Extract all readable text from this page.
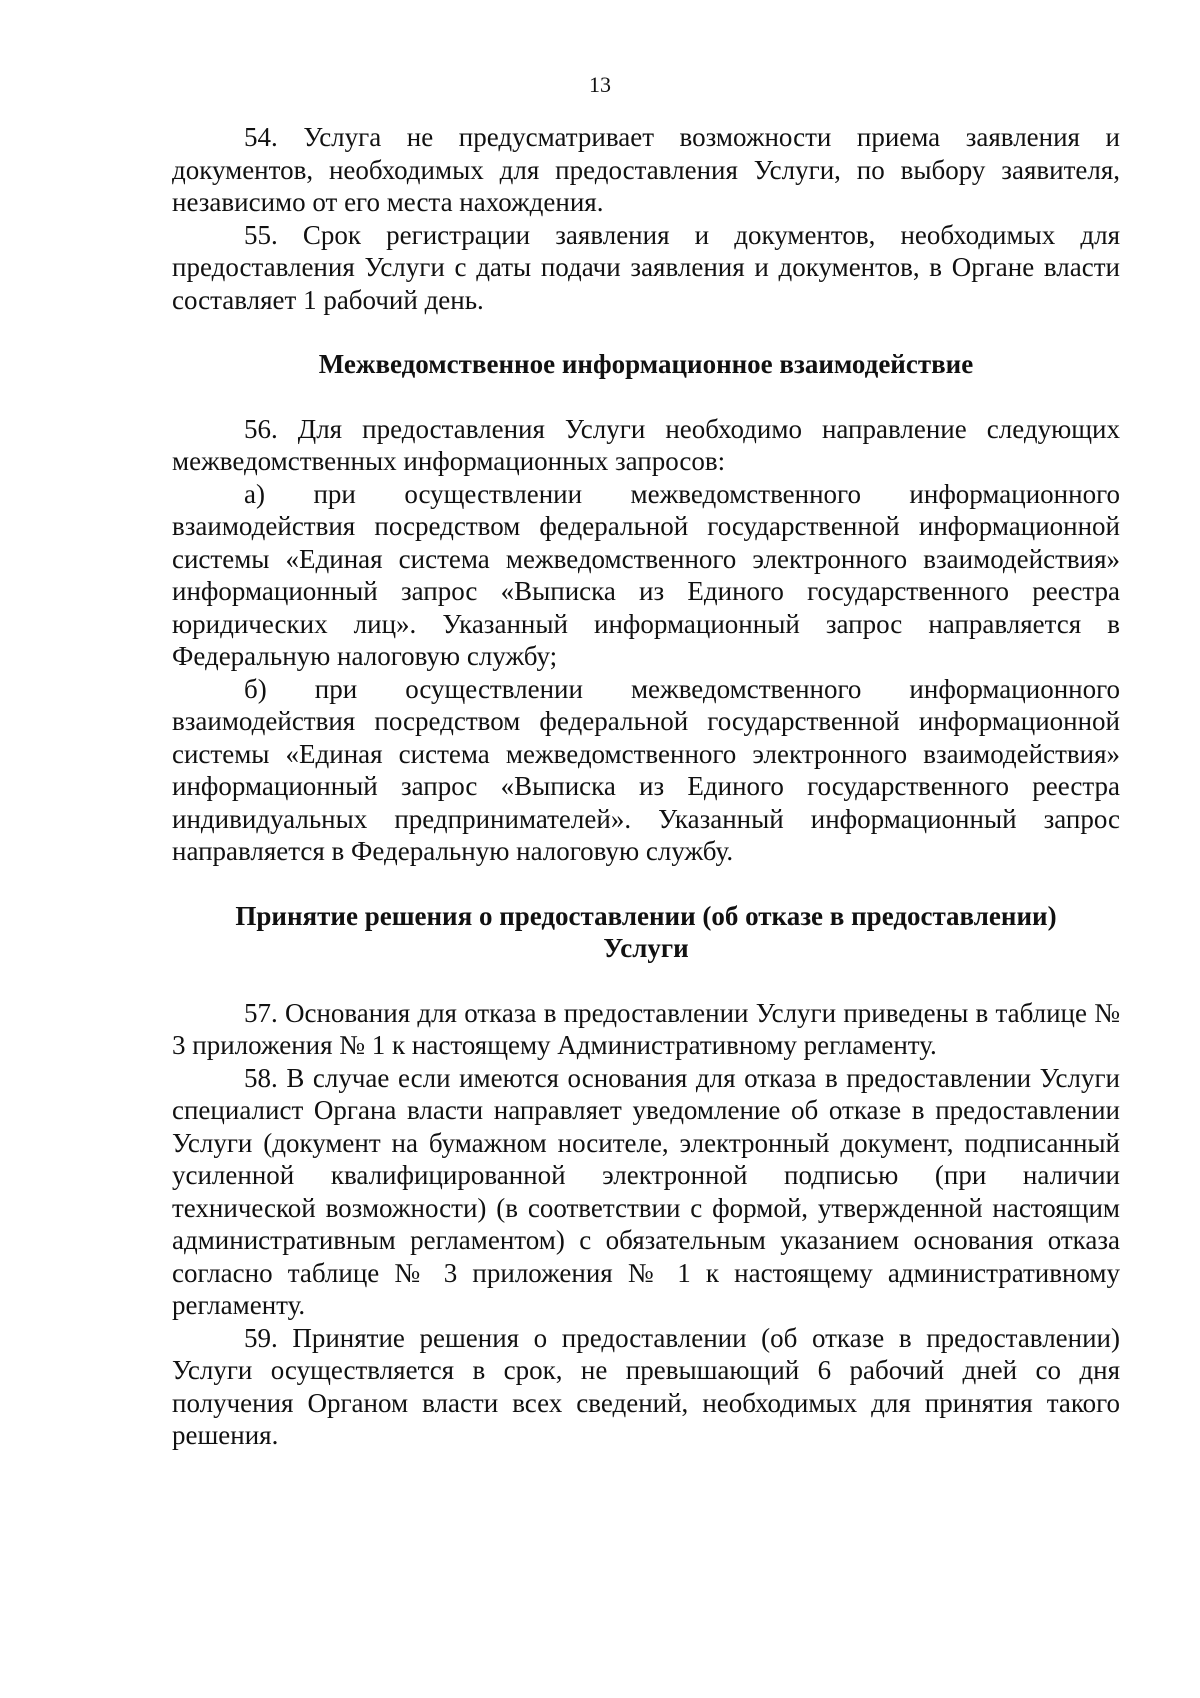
13

54. Услуга не предусматривает возможности приема заявления и документов, необходимых для предоставления Услуги, по выбору заявителя, независимо от его места нахождения.

55. Срок регистрации заявления и документов, необходимых для предоставления Услуги с даты подачи заявления и документов, в Органе власти составляет 1 рабочий день.

Межведомственное информационное взаимодействие

56. Для предоставления Услуги необходимо направление следующих межведомственных информационных запросов:

а) при осуществлении межведомственного информационного взаимодействия посредством федеральной государственной информационной системы «Единая система межведомственного электронного взаимодействия» информационный запрос «Выписка из Единого государственного реестра юридических лиц». Указанный информационный запрос направляется в Федеральную налоговую службу;

б) при осуществлении межведомственного информационного взаимодействия посредством федеральной государственной информационной системы «Единая система межведомственного электронного взаимодействия» информационный запрос «Выписка из Единого государственного реестра индивидуальных предпринимателей». Указанный информационный запрос направляется в Федеральную налоговую службу.

Принятие решения о предоставлении (об отказе в предоставлении)
Услуги

57. Основания для отказа в предоставлении Услуги приведены в таблице № 3 приложения № 1 к настоящему Административному регламенту.

58. В случае если имеются основания для отказа в предоставлении Услуги специалист Органа власти направляет уведомление об отказе в предоставлении Услуги (документ на бумажном носителе, электронный документ, подписанный усиленной квалифицированной электронной подписью (при наличии технической возможности) (в соответствии с формой, утвержденной настоящим административным регламентом) с обязательным указанием основания отказа согласно таблице № 3 приложения № 1 к настоящему административному регламенту.

59. Принятие решения о предоставлении (об отказе в предоставлении) Услуги осуществляется в срок, не превышающий 6 рабочий дней со дня получения Органом власти всех сведений, необходимых для принятия такого решения.
